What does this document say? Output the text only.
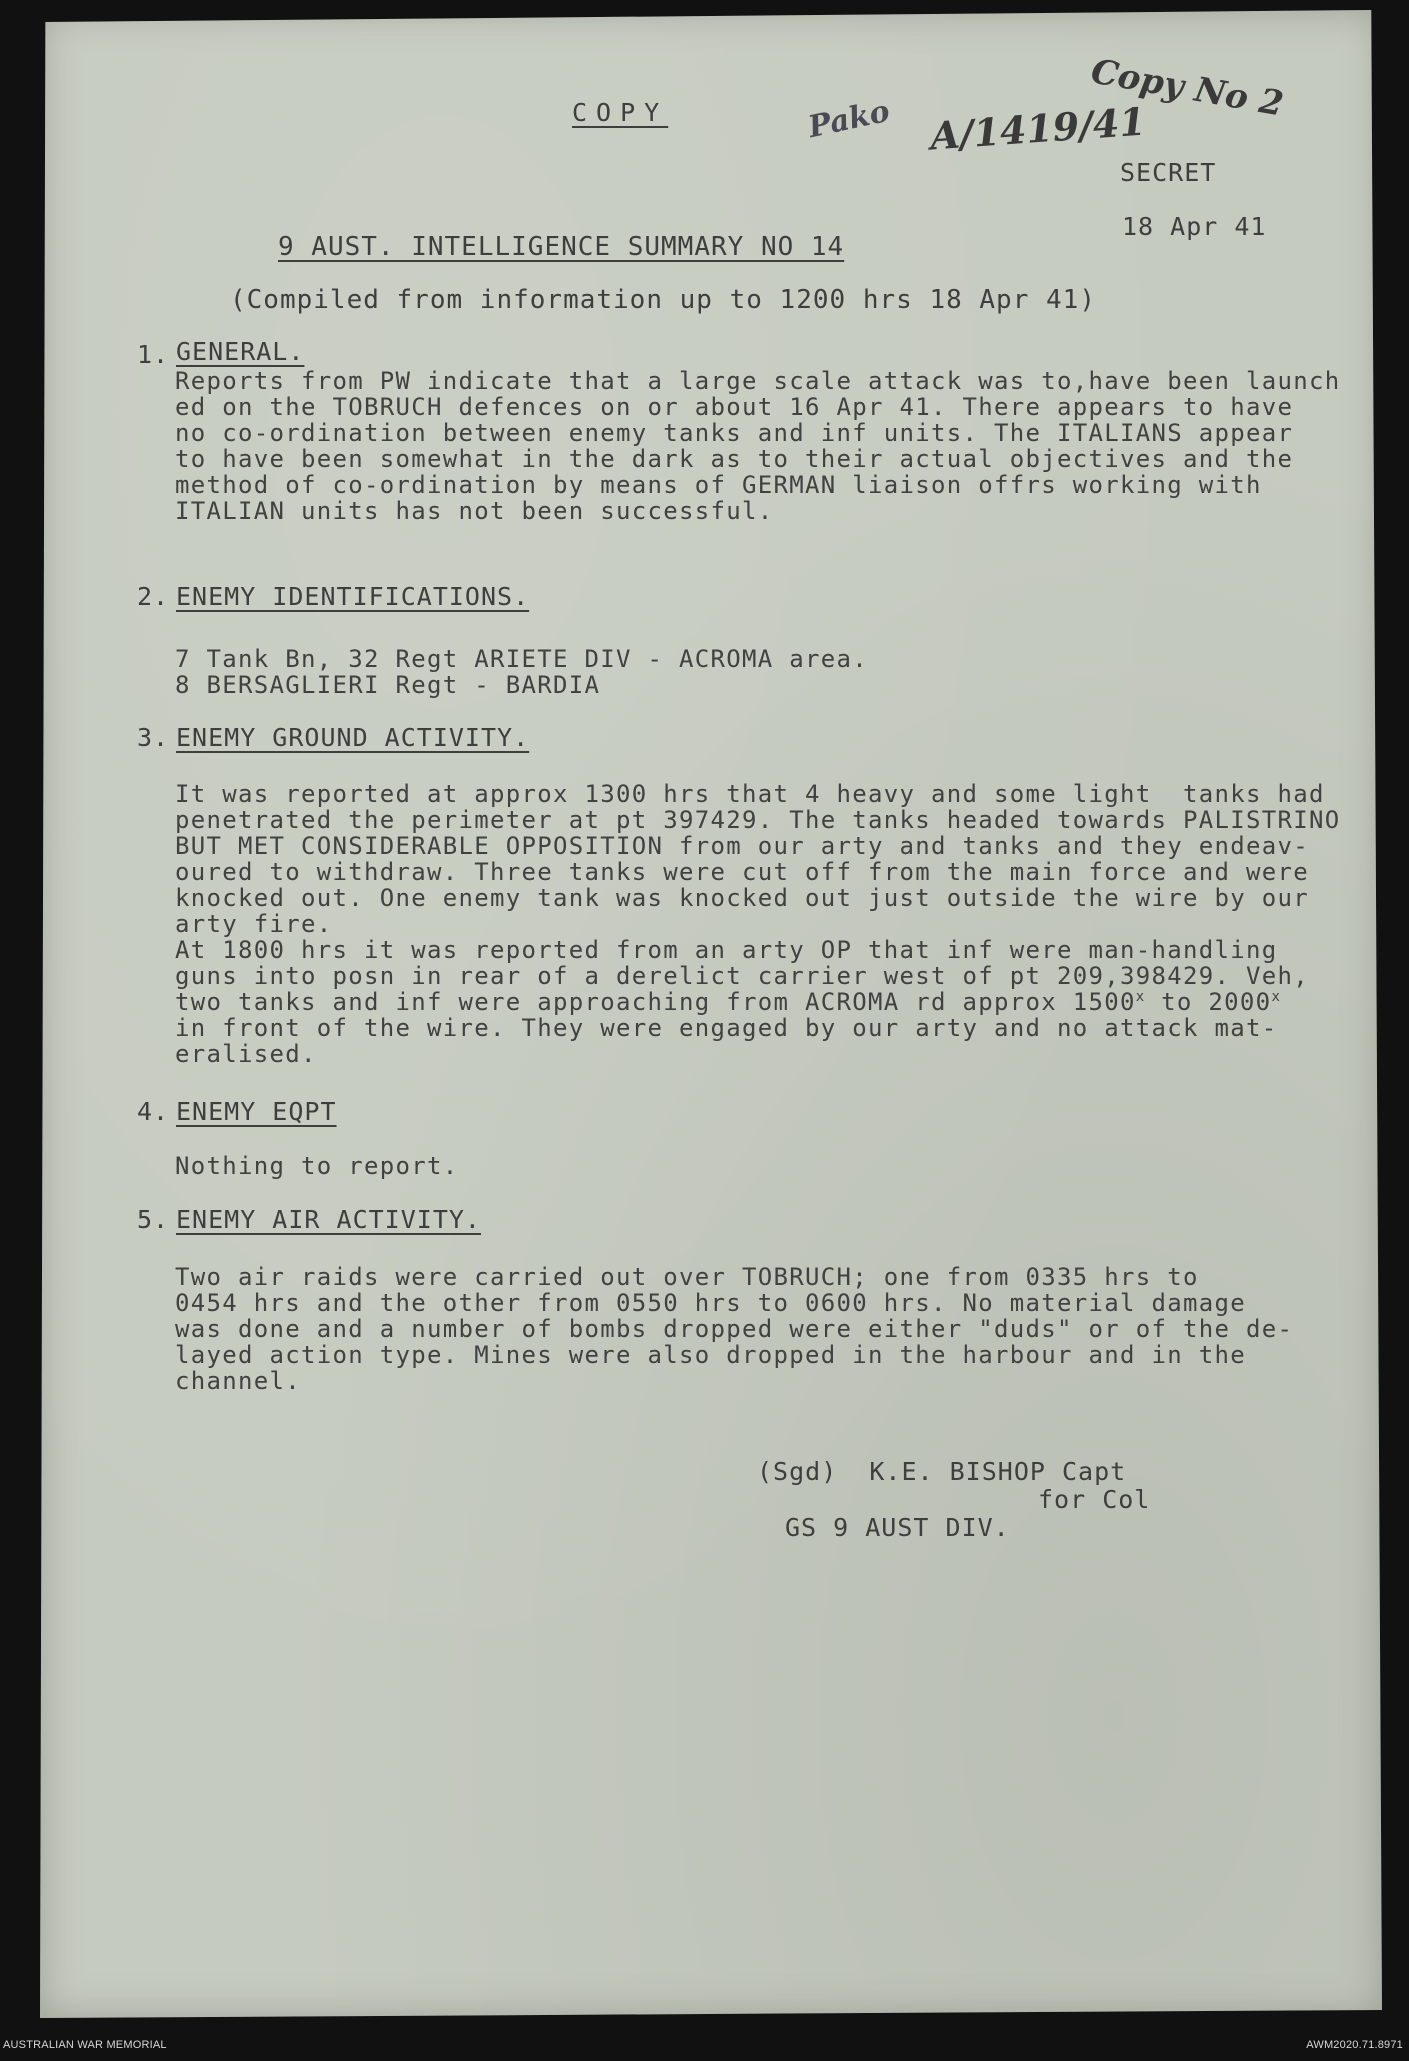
COPY	Pako A/1419/41
Copy No 2
SECRET
18 Apr 41
9 AUST. INTELLIGENCE SUMMARY NO 14
(Compiled from information up to 1200 hrs 18 Apr 41)
1. GENERAL.
Reports from PW indicate that a large scale attack was to,have been launch
ed on the TOBRUCH defences on or about 16 Apr 41. There appears to have
no co-ordination between enemy tanks and inf units. The ITALIANS appear
to have been somewhat in the dark as to their actual objectives and the
method of co-ordination by means of GERMAN liaison offrs working with
ITALIAN units has not been successful.
2. ENEMY IDENTIFICATIONS.
7 Tank Bn, 32 Regt ARIETE DIV - ACROMA area.
8 BERSAGLIERI Regt - BARDIA
3. ENEMY GROUND ACTIVITY.
It was reported at approx 1300 hrs that 4 heavy and some light  tanks had
penetrated the perimeter at pt 397429. The tanks headed towards PALISTRINO
BUT MET CONSIDERABLE OPPOSITION from our arty and tanks and they endeav-
oured to withdraw. Three tanks were cut off from the main force and were
knocked out. One enemy tank was knocked out just outside the wire by our
arty fire.
At 1800 hrs it was reported from an arty OP that inf were man-handling
guns into posn in rear of a derelict carrier west of pt 209,398429. Veh,
two tanks and inf were approaching from ACROMA rd approx 1500$^x$ to 2000$^x$
in front of the wire. They were engaged by our arty and no attack mat-
eralised.
4. ENEMY EQPT
Nothing to report.
5. ENEMY AIR ACTIVITY.
Two air raids were carried out over TOBRUCH; one from 0335 hrs to
0454 hrs and the other from 0550 hrs to 0600 hrs. No material damage
was done and a number of bombs dropped were either "duds" or of the de-
layed action type. Mines were also dropped in the harbour and in the
channel.
(Sgd)  K.E. BISHOP Capt
for Col
GS 9 AUST DIV.
AUSTRALIAN WAR MEMORIAL	AWM2020.71.8971
